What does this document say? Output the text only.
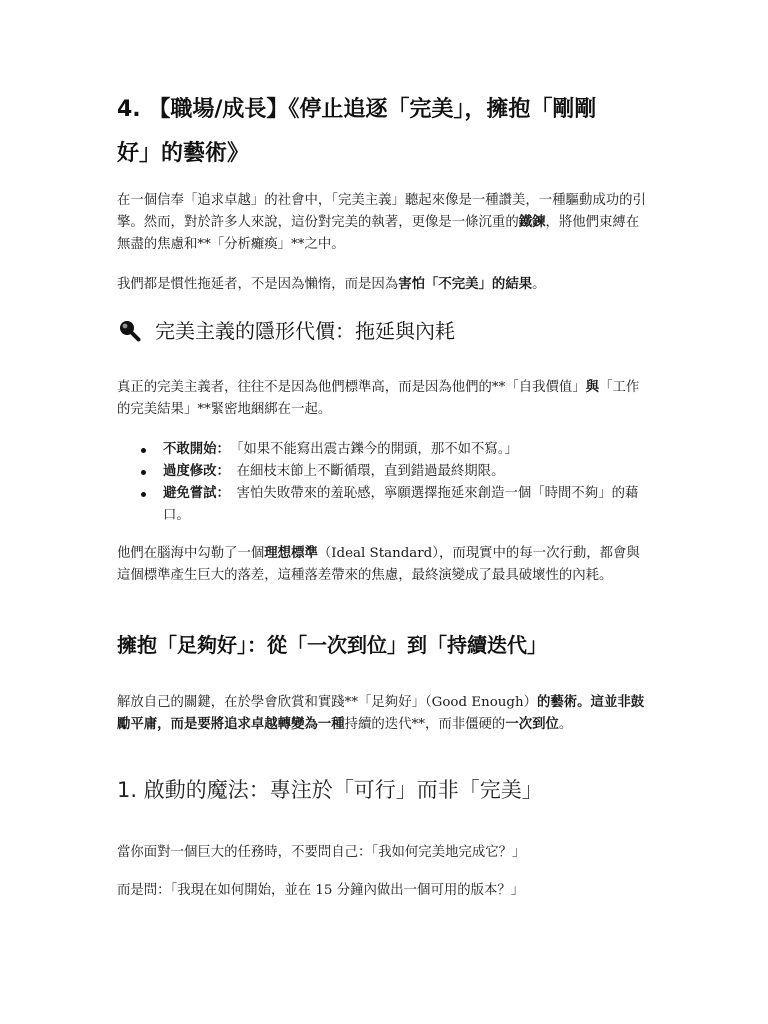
4. 【職場/成長】《停止追逐「完美」，擁抱「剛剛
好」的藝術》

在一個信奉「追求卓越」的社會中，「完美主義」聽起來像是一種讚美，一種驅動成功的引擎。然而，對於許多人來說，這份對完美的執著，更像是一條沉重的鐵鍊，將他們束縛在無盡的焦慮和**「分析癱瘓」**之中。

我們都是慣性拖延者，不是因為懶惰，而是因為害怕「不完美」的結果。

完美主義的隱形代價：拖延與內耗

真正的完美主義者，往往不是因為他們標準高，而是因為他們的**「自我價值」與「工作的完美結果」**緊密地綑綁在一起。

不敢開始：　 「如果不能寫出震古鑠今的開頭，那不如不寫。」
過度修改：　 在細枝末節上不斷循環，直到錯過最終期限。
避免嘗試：　 害怕失敗帶來的羞恥感，寧願選擇拖延來創造一個「時間不夠」的藉口。

他們在腦海中勾勒了一個理想標準（Ideal Standard），而現實中的每一次行動，都會與這個標準產生巨大的落差，這種落差帶來的焦慮，最終演變成了最具破壞性的內耗。

擁抱「足夠好」：從「一次到位」到「持續迭代」

解放自己的關鍵，在於學會欣賞和實踐**「足夠好」（Good Enough）的藝術。這並非鼓勵平庸，而是要將追求卓越轉變為一種持續的迭代**，而非僵硬的一次到位。

1. 啟動的魔法：專注於「可行」而非「完美」

當你面對一個巨大的任務時，不要問自己：「我如何完美地完成它？」

而是問：「我現在如何開始，並在 15 分鐘內做出一個可用的版本？」
